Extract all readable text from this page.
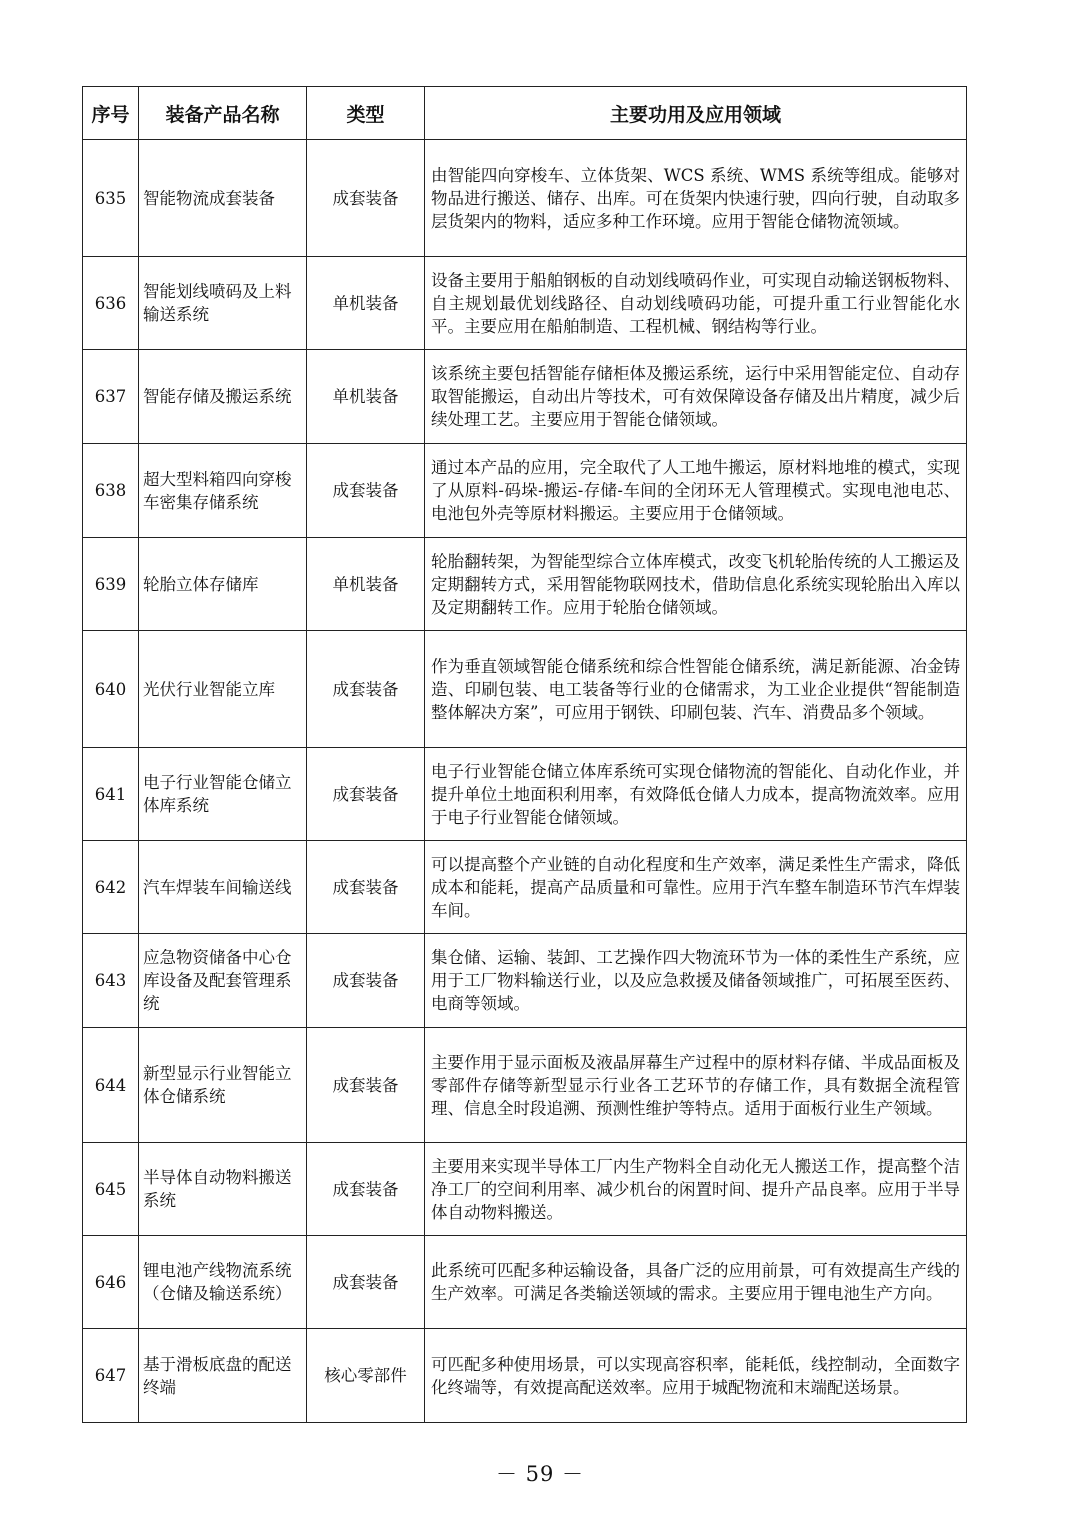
序号	装备产品名称	类型	主要功用及应用领域
635	智能物流成套装备	成套装备	由智能四向穿梭车、立体货架、WCS 系统、WMS 系统等组成。能够对物品进行搬送、储存、出库。可在货架内快速行驶，四向行驶，自动取多层货架内的物料，适应多种工作环境。应用于智能仓储物流领域。
636	智能划线喷码及上料输送系统	单机装备	设备主要用于船舶钢板的自动划线喷码作业，可实现自动输送钢板物料、自主规划最优划线路径、自动划线喷码功能，可提升重工行业智能化水平。主要应用在船舶制造、工程机械、钢结构等行业。
637	智能存储及搬运系统	单机装备	该系统主要包括智能存储柜体及搬运系统，运行中采用智能定位、自动存取智能搬运，自动出片等技术，可有效保障设备存储及出片精度，减少后续处理工艺。主要应用于智能仓储领域。
638	超大型料箱四向穿梭车密集存储系统	成套装备	通过本产品的应用，完全取代了人工地牛搬运，原材料地堆的模式，实现了从原料-码垛-搬运-存储-车间的全闭环无人管理模式。实现电池电芯、电池包外壳等原材料搬运。主要应用于仓储领域。
639	轮胎立体存储库	单机装备	轮胎翻转架，为智能型综合立体库模式，改变飞机轮胎传统的人工搬运及定期翻转方式，采用智能物联网技术，借助信息化系统实现轮胎出入库以及定期翻转工作。应用于轮胎仓储领域。
640	光伏行业智能立库	成套装备	作为垂直领域智能仓储系统和综合性智能仓储系统，满足新能源、冶金铸造、印刷包装、电工装备等行业的仓储需求，为工业企业提供“智能制造整体解决方案”，可应用于钢铁、印刷包装、汽车、消费品多个领域。
641	电子行业智能仓储立体库系统	成套装备	电子行业智能仓储立体库系统可实现仓储物流的智能化、自动化作业，并提升单位土地面积利用率，有效降低仓储人力成本，提高物流效率。应用于电子行业智能仓储领域。
642	汽车焊装车间输送线	成套装备	可以提高整个产业链的自动化程度和生产效率，满足柔性生产需求，降低成本和能耗，提高产品质量和可靠性。应用于汽车整车制造环节汽车焊装车间。
643	应急物资储备中心仓库设备及配套管理系统	成套装备	集仓储、运输、装卸、工艺操作四大物流环节为一体的柔性生产系统，应用于工厂物料输送行业，以及应急救援及储备领域推广，可拓展至医药、电商等领域。
644	新型显示行业智能立体仓储系统	成套装备	主要作用于显示面板及液晶屏幕生产过程中的原材料存储、半成品面板及零部件存储等新型显示行业各工艺环节的存储工作，具有数据全流程管理、信息全时段追溯、预测性维护等特点。适用于面板行业生产领域。
645	半导体自动物料搬送系统	成套装备	主要用来实现半导体工厂内生产物料全自动化无人搬送工作，提高整个洁净工厂的空间利用率、减少机台的闲置时间、提升产品良率。应用于半导体自动物料搬送。
646	锂电池产线物流系统（仓储及输送系统）	成套装备	此系统可匹配多种运输设备，具备广泛的应用前景，可有效提高生产线的生产效率。可满足各类输送领域的需求。主要应用于锂电池生产方向。
647	基于滑板底盘的配送终端	核心零部件	可匹配多种使用场景，可以实现高容积率，能耗低，线控制动，全面数字化终端等，有效提高配送效率。应用于城配物流和末端配送场景。
－ 59 －
